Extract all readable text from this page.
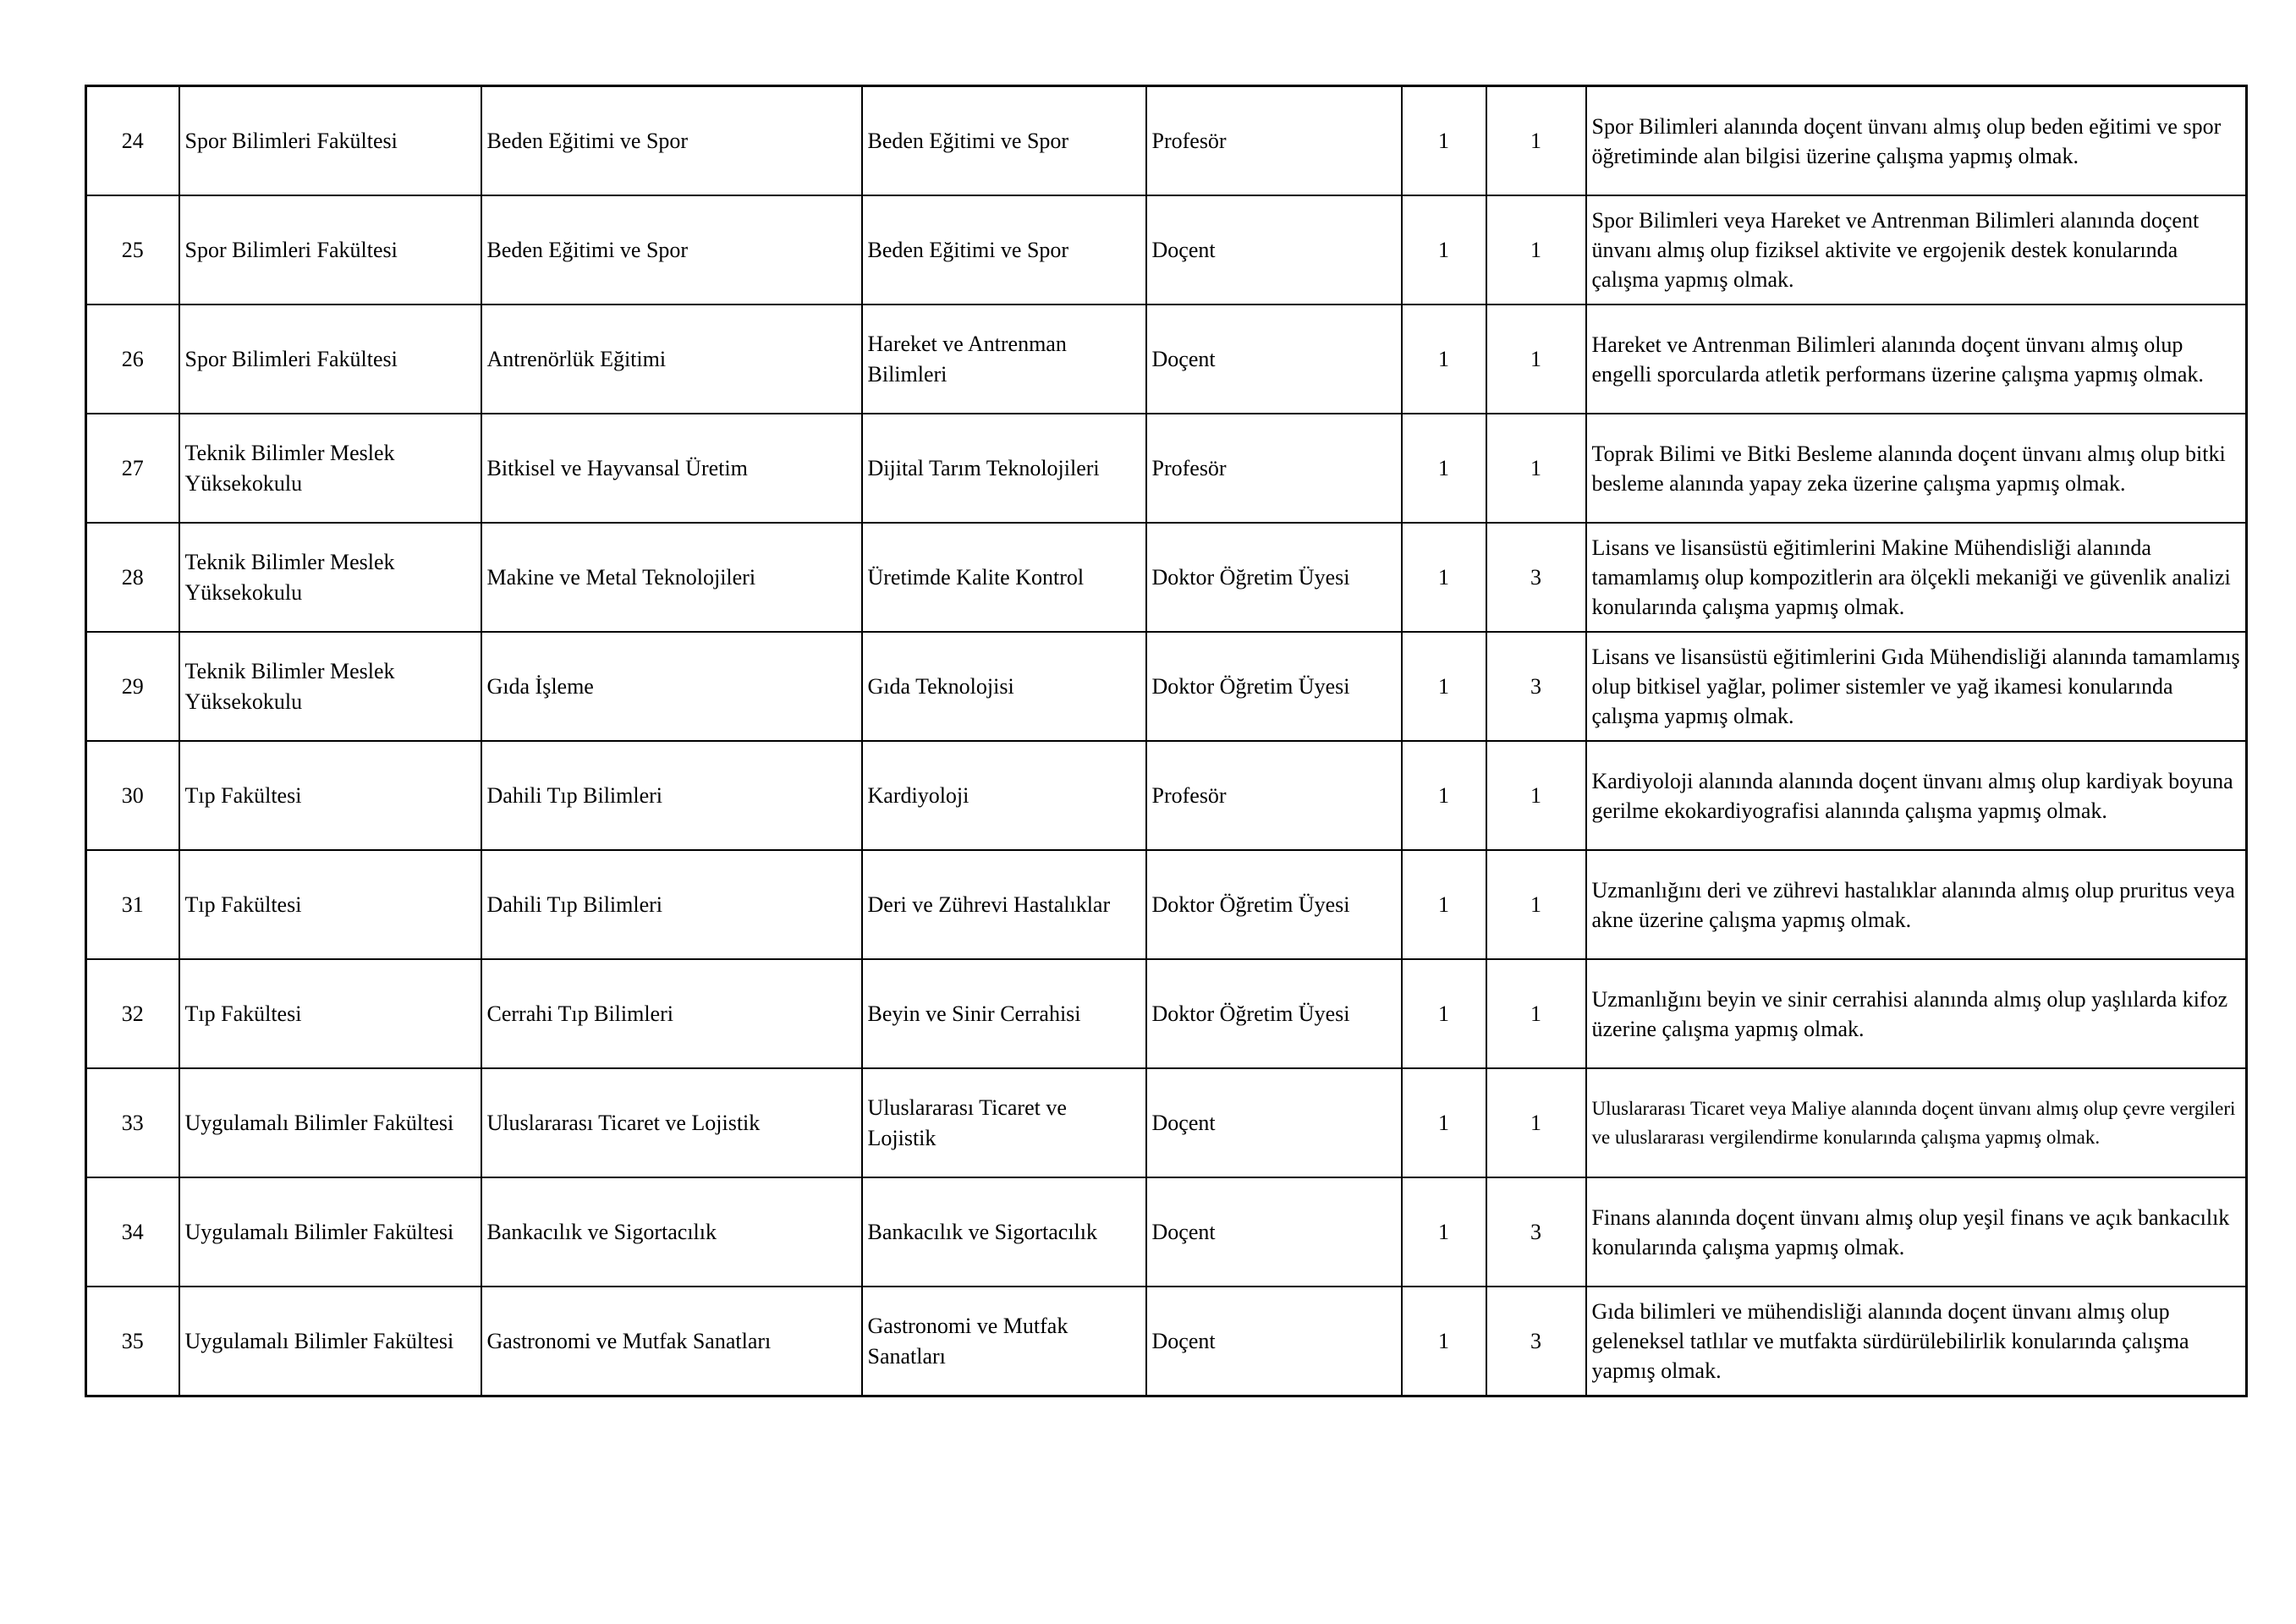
24	Spor Bilimleri Fakültesi	Beden Eğitimi ve Spor	Beden Eğitimi ve Spor	Profesör	1	1	Spor Bilimleri alanında doçent ünvanı almış olup beden eğitimi ve spor öğretiminde alan bilgisi üzerine çalışma yapmış olmak.
25	Spor Bilimleri Fakültesi	Beden Eğitimi ve Spor	Beden Eğitimi ve Spor	Doçent	1	1	Spor Bilimleri veya Hareket ve Antrenman Bilimleri alanında doçent ünvanı almış olup fiziksel aktivite ve ergojenik destek konularında çalışma yapmış olmak.
26	Spor Bilimleri Fakültesi	Antrenörlük Eğitimi	Hareket ve Antrenman Bilimleri	Doçent	1	1	Hareket ve Antrenman Bilimleri alanında doçent ünvanı almış olup engelli sporcularda atletik performans üzerine çalışma yapmış olmak.
27	Teknik Bilimler Meslek Yüksekokulu	Bitkisel ve Hayvansal Üretim	Dijital Tarım Teknolojileri	Profesör	1	1	Toprak Bilimi ve Bitki Besleme alanında doçent ünvanı almış olup bitki besleme alanında yapay zeka üzerine çalışma yapmış olmak.
28	Teknik Bilimler Meslek Yüksekokulu	Makine ve Metal Teknolojileri	Üretimde Kalite Kontrol	Doktor Öğretim Üyesi	1	3	Lisans ve lisansüstü eğitimlerini Makine Mühendisliği alanında tamamlamış olup kompozitlerin ara ölçekli mekaniği ve güvenlik analizi konularında çalışma yapmış olmak.
29	Teknik Bilimler Meslek Yüksekokulu	Gıda İşleme	Gıda Teknolojisi	Doktor Öğretim Üyesi	1	3	Lisans ve lisansüstü eğitimlerini Gıda Mühendisliği alanında tamamlamış olup bitkisel yağlar, polimer sistemler ve yağ ikamesi konularında çalışma yapmış olmak.
30	Tıp Fakültesi	Dahili Tıp Bilimleri	Kardiyoloji	Profesör	1	1	Kardiyoloji alanında alanında doçent ünvanı almış olup kardiyak boyuna gerilme ekokardiyografisi alanında çalışma yapmış olmak.
31	Tıp Fakültesi	Dahili Tıp Bilimleri	Deri ve Zührevi Hastalıklar	Doktor Öğretim Üyesi	1	1	Uzmanlığını deri ve zührevi hastalıklar alanında almış olup pruritus veya akne üzerine çalışma yapmış olmak.
32	Tıp Fakültesi	Cerrahi Tıp Bilimleri	Beyin ve Sinir Cerrahisi	Doktor Öğretim Üyesi	1	1	Uzmanlığını beyin ve sinir cerrahisi alanında almış olup yaşlılarda kifoz üzerine çalışma yapmış olmak.
33	Uygulamalı Bilimler Fakültesi	Uluslararası Ticaret ve Lojistik	Uluslararası Ticaret ve Lojistik	Doçent	1	1	Uluslararası Ticaret veya Maliye alanında doçent ünvanı almış olup çevre vergileri ve uluslararası vergilendirme konularında çalışma yapmış olmak.
34	Uygulamalı Bilimler Fakültesi	Bankacılık ve Sigortacılık	Bankacılık ve Sigortacılık	Doçent	1	3	Finans alanında doçent ünvanı almış olup yeşil finans ve açık bankacılık konularında çalışma yapmış olmak.
35	Uygulamalı Bilimler Fakültesi	Gastronomi ve Mutfak Sanatları	Gastronomi ve Mutfak Sanatları	Doçent	1	3	Gıda bilimleri ve mühendisliği alanında doçent ünvanı almış olup geleneksel tatlılar ve mutfakta sürdürülebilirlik konularında çalışma yapmış olmak.
